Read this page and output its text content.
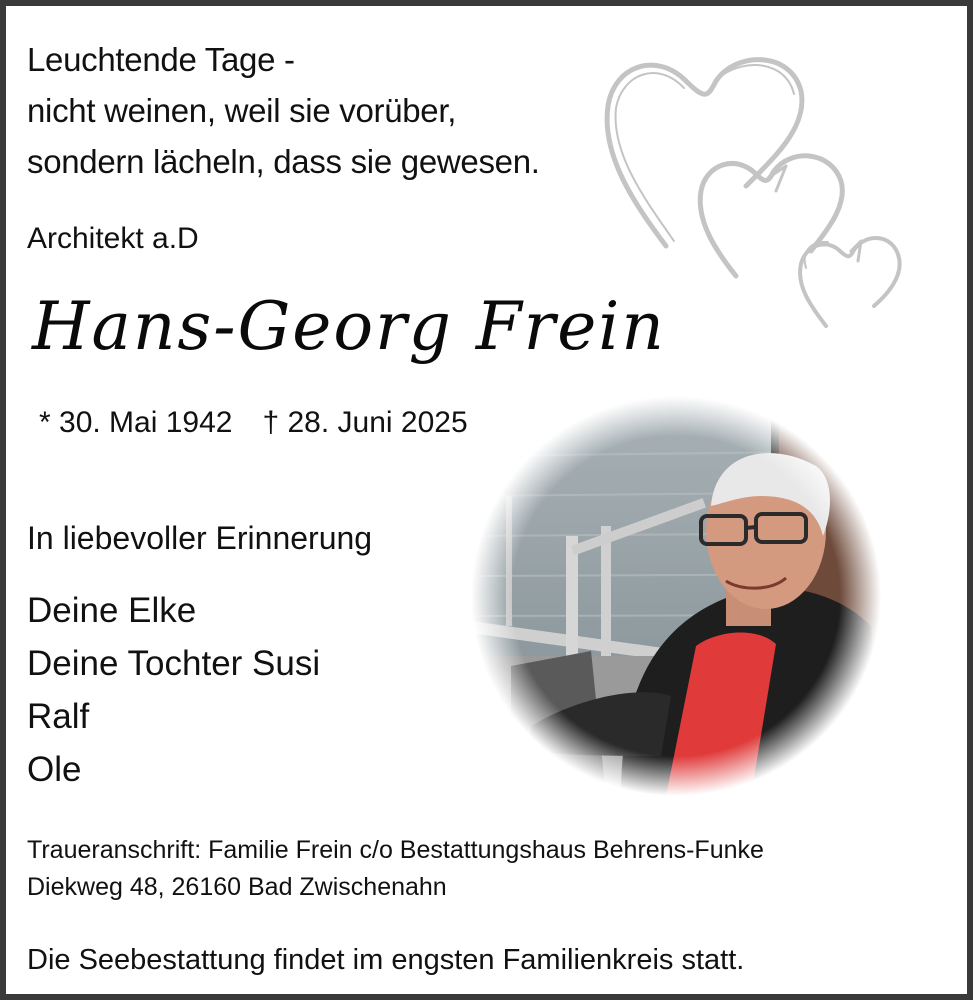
Leuchtende Tage -
nicht weinen, weil sie vorüber,
sondern lächeln, dass sie gewesen.
Architekt a.D
Hans-Georg Frein
* 30. Mai 1942 † 28. Juni 2025
In liebevoller Erinnerung
Deine Elke
Deine Tochter Susi
Ralf
Ole
Traueranschrift: Familie Frein c/o Bestattungshaus Behrens-Funke
Diekweg 48, 26160 Bad Zwischenahn
Die Seebestattung findet im engsten Familienkreis statt.
